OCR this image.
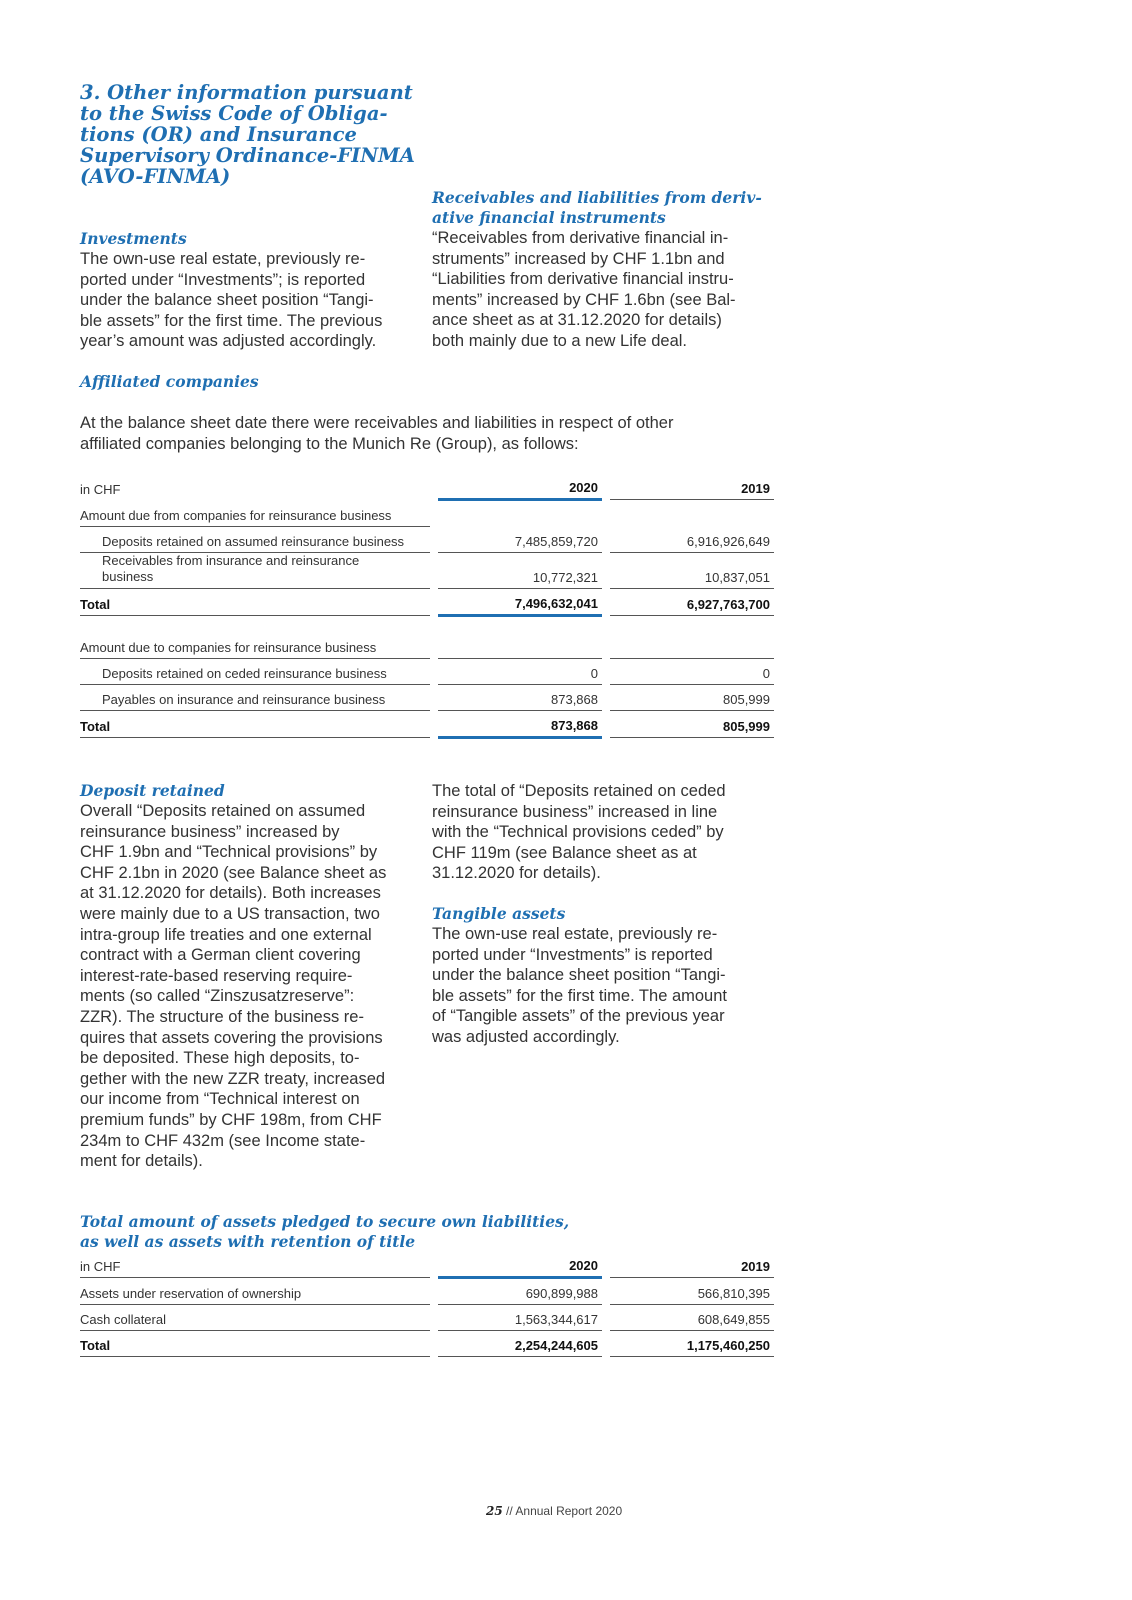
3. Other information pursuant
to the Swiss Code of Obliga-
tions (OR) and Insurance
Supervisory Ordinance-FINMA
(AVO-FINMA)
Investments

The own-use real estate, previously re-
ported under “Investments”; is reported
under the balance sheet position “Tangi-
ble assets” for the first time. The previous
year’s amount was adjusted accordingly.

Receivables and liabilities from deriv-
ative financial instruments

“Receivables from derivative financial in-
struments” increased by CHF 1.1bn and
“Liabilities from derivative financial instru-
ments” increased by CHF 1.6bn (see Bal-
ance sheet as at 31.12.2020 for details)
both mainly due to a new Life deal.

Affiliated companies

At the balance sheet date there were receivables and liabilities in respect of other
affiliated companies belonging to the Munich Re (Group), as follows:

in CHF		2020		2019
Amount due from companies for reinsurance business				
Deposits retained on assumed reinsurance business		7,485,859,720		6,916,926,649
Receivables from insurance and reinsurance
business		10,772,321		10,837,051
Total		7,496,632,041		6,927,763,700

Amount due to companies for reinsurance business				
Deposits retained on ceded reinsurance business		0		0
Payables on insurance and reinsurance business		873,868		805,999
Total		873,868		805,999
Deposit retained

Overall “Deposits retained on assumed
reinsurance business” increased by
CHF 1.9bn and “Technical provisions” by
CHF 2.1bn in 2020 (see Balance sheet as
at 31.12.2020 for details). Both increases
were mainly due to a US transaction, two
intra-group life treaties and one external
contract with a German client covering
interest-rate-based reserving require-
ments (so called “Zinszusatzreserve”:
ZZR). The structure of the business re-
quires that assets covering the provisions
be deposited. These high deposits, to-
gether with the new ZZR treaty, increased
our income from “Technical interest on
premium funds” by CHF 198m, from CHF
234m to CHF 432m (see Income state-
ment for details).

The total of “Deposits retained on ceded
reinsurance business” increased in line
with the “Technical provisions ceded” by
CHF 119m (see Balance sheet as at
31.12.2020 for details).

Tangible assets

The own-use real estate, previously re-
ported under “Investments” is reported
under the balance sheet position “Tangi-
ble assets” for the first time. The amount
of “Tangible assets” of the previous year
was adjusted accordingly.

Total amount of assets pledged to secure own liabilities,
as well as assets with retention of title
in CHF		2020		2019
Assets under reservation of ownership		690,899,988		566,810,395
Cash collateral		1,563,344,617		608,649,855
Total		2,254,244,605		1,175,460,250
25 // Annual Report 2020
